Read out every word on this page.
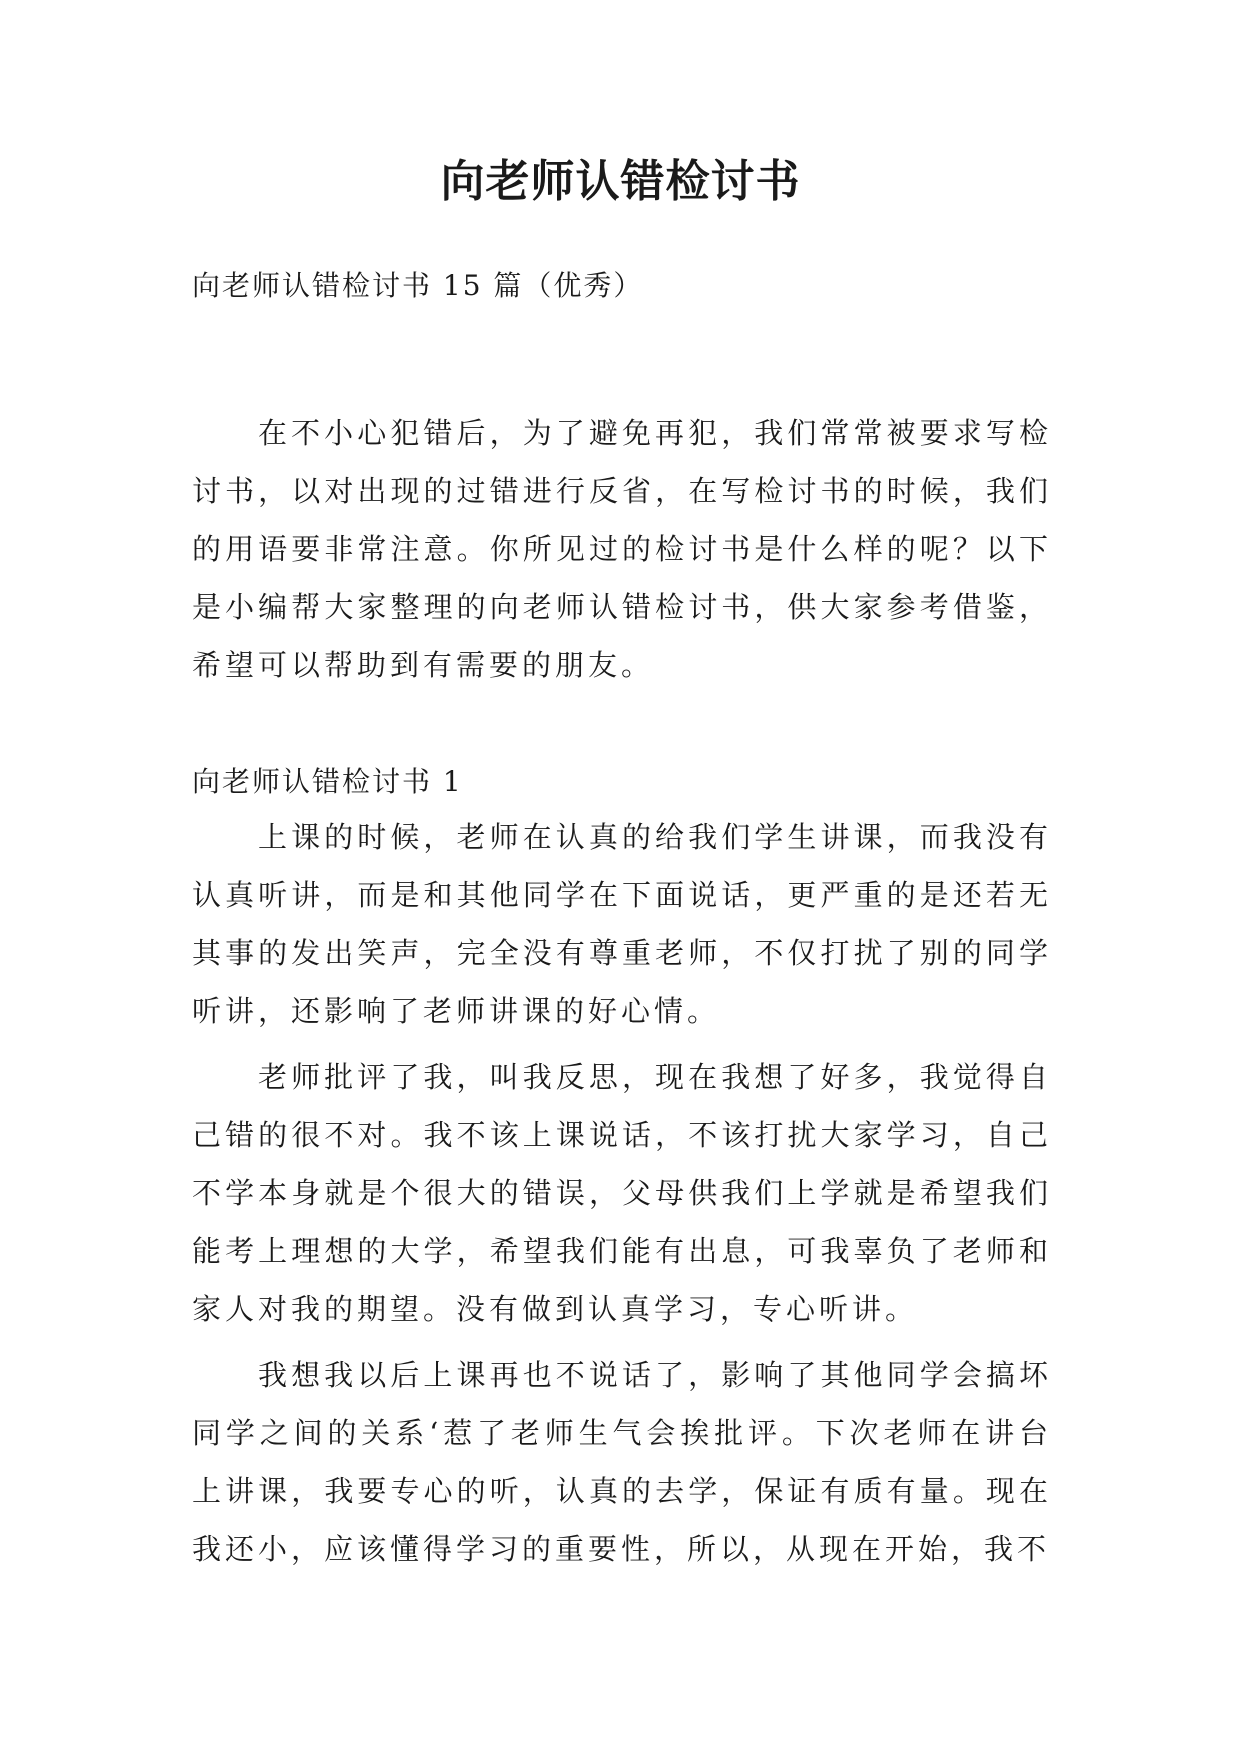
向老师认错检讨书
向老师认错检讨书 15 篇（优秀）

在不小心犯错后，为了避免再犯，我们常常被要求写检讨书，以对出现的过错进行反省，在写检讨书的时候，我们的用语要非常注意。你所见过的检讨书是什么样的呢？以下是小编帮大家整理的向老师认错检讨书，供大家参考借鉴，希望可以帮助到有需要的朋友。

向老师认错检讨书 1

上课的时候，老师在认真的给我们学生讲课，而我没有认真听讲，而是和其他同学在下面说话，更严重的是还若无其事的发出笑声，完全没有尊重老师，不仅打扰了别的同学听讲，还影响了老师讲课的好心情。

老师批评了我，叫我反思，现在我想了好多，我觉得自己错的很不对。我不该上课说话，不该打扰大家学习，自己不学本身就是个很大的错误，父母供我们上学就是希望我们能考上理想的大学，希望我们能有出息，可我辜负了老师和家人对我的期望。没有做到认真学习，专心听讲。

我想我以后上课再也不说话了，影响了其他同学会搞坏同学之间的关系‘惹了老师生气会挨批评。下次老师在讲台上讲课，我要专心的听，认真的去学，保证有质有量。现在我还小，应该懂得学习的重要性，所以，从现在开始，我不
